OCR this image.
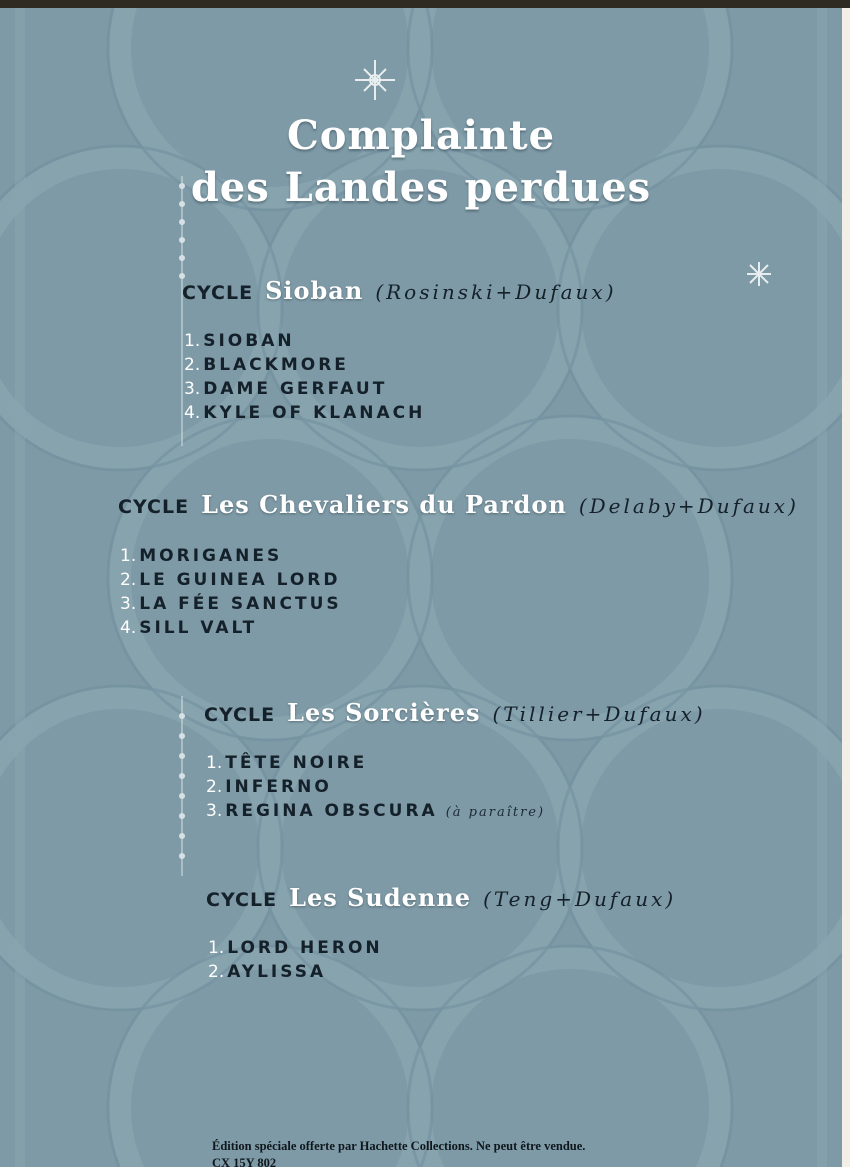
Complainte
des Landes perdues
CYCLE Sioban (Rosinski+Dufaux)
1. SIOBAN
2. BLACKMORE
3. DAME GERFAUT
4. KYLE OF KLANACH
CYCLE Les Chevaliers du Pardon (Delaby+Dufaux)
1. MORIGANES
2. LE GUINEA LORD
3. LA FÉE SANCTUS
4. SILL VALT
CYCLE Les Sorcières (Tillier+Dufaux)
1. TÊTE NOIRE
2. INFERNO
3. REGINA OBSCURA (à paraître)
CYCLE Les Sudenne (Teng+Dufaux)
1. LORD HERON
2. AYLISSA
Édition spéciale offerte par Hachette Collections. Ne peut être vendue.
CX 15Y 802
